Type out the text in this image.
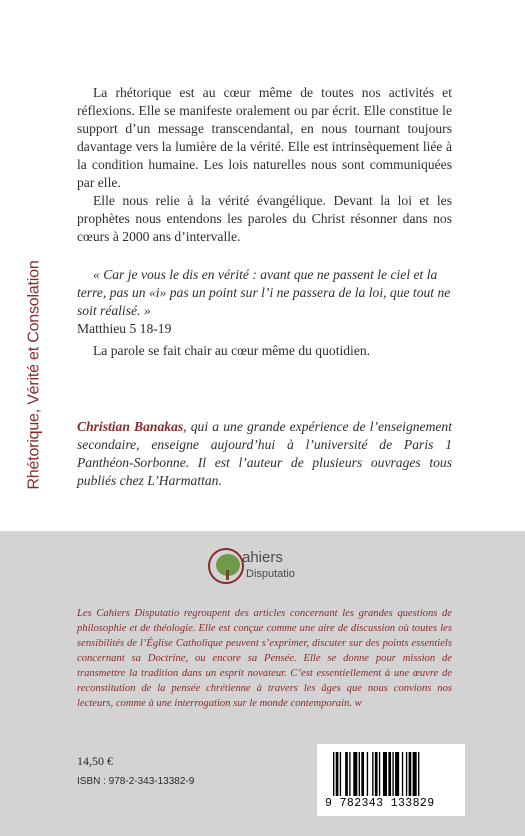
Rhétorique, Vérité et Consolation

La rhétorique est au cœur même de toutes nos activités et réflexions. Elle se manifeste oralement ou par écrit. Elle constitue le support d’un message transcendantal, en nous tournant toujours davantage vers la lumière de la vérité. Elle est intrinsèquement liée à la condition humaine. Les lois naturelles nous sont communiquées par elle.

Elle nous relie à la vérité évangélique. Devant la loi et les prophètes nous entendons les paroles du Christ résonner dans nos cœurs à 2000 ans d’intervalle.

« Car je vous le dis en vérité : avant que ne passent le ciel et la terre, pas un «i» pas un point sur l’i ne passera de la loi, que tout ne soit réalisé. »

Matthieu 5 18-19

La parole se fait chair au cœur même du quotidien.

Christian Banakas, qui a une grande expérience de l’enseignement secondaire, enseigne aujourd’hui à l’université de Paris 1 Panthéon-Sorbonne. Il est l’auteur de plusieurs ouvrages tous publiés chez L’Harmattan.

ahiers
Disputatio

Les Cahiers Disputatio regroupent des articles concernant les grandes questions de philosophie et de théologie. Elle est conçue comme une aire de discussion où toutes les sensibilités de l’Église Catholique peuvent s’exprimer, discuter sur des points essentiels concernant sa Doctrine, ou encore sa Pensée. Elle se donne pour mission de transmettre la tradition dans un esprit novateur. C’est essentiellement à une œuvre de reconstitution de la pensée chrétienne à travers les âges que nous convions nos lecteurs, comme à une interrogation sur le monde contemporain. w

14,50 €

ISBN : 978-2-343-13382-9

9 782343 133829
